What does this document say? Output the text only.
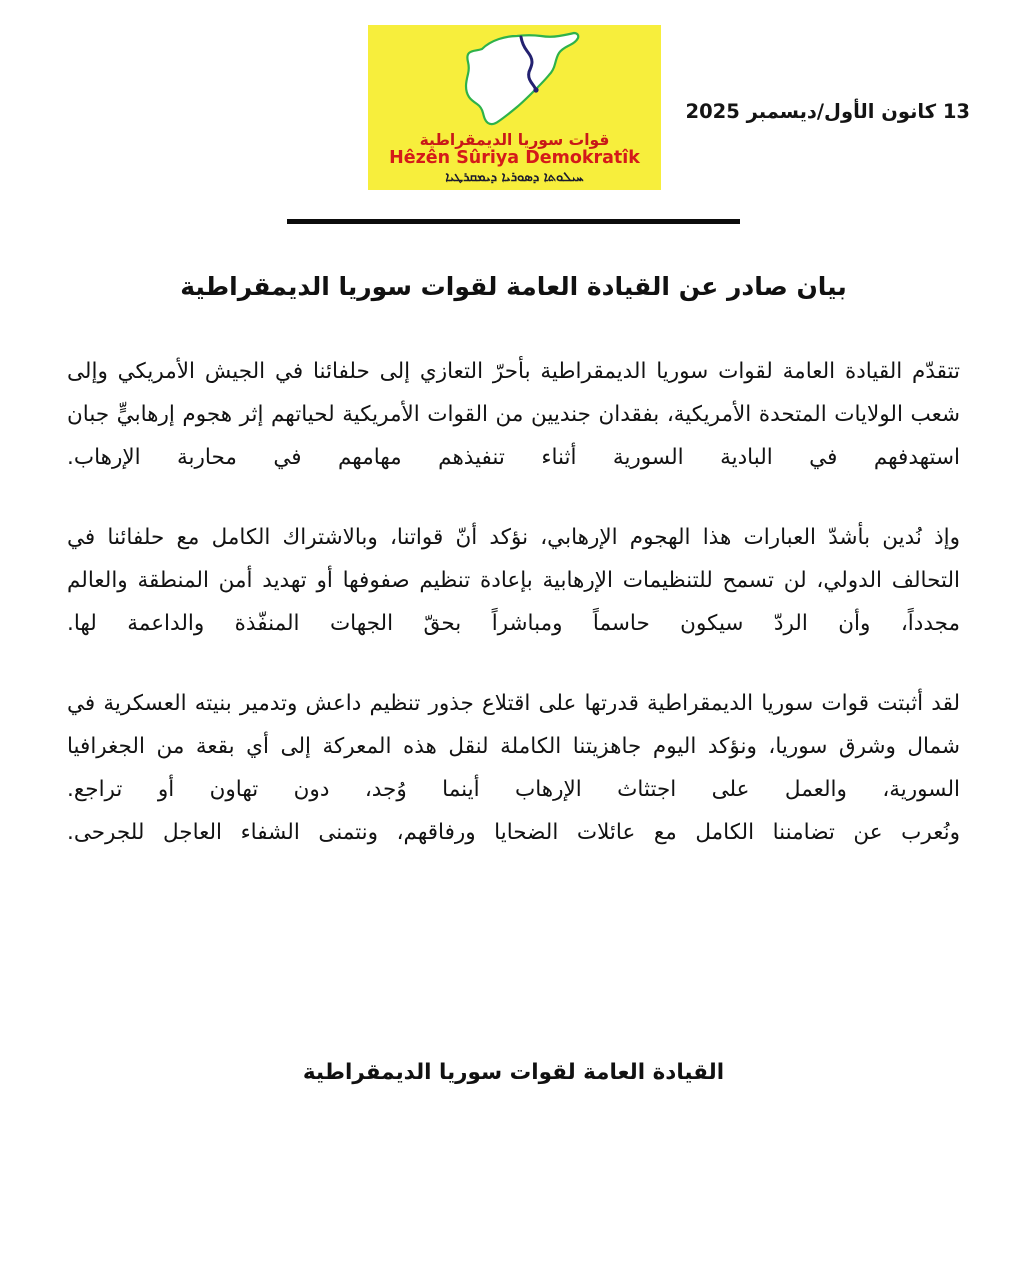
قوات سوريا الديمقراطية
Hêzên Sûriya Demokratîk
ܚܝܠܘܬܐ ܕܣܘܪܝܐ ܕܝܡܩܪܛܝܐ
13 كانون الأول/ديسمبر 2025
بيان صادر عن القيادة العامة لقوات سوريا الديمقراطية

تتقدّم القيادة العامة لقوات سوريا الديمقراطية بأحرّ التعازي إلى حلفائنا في الجيش الأمريكي وإلى شعب الولايات المتحدة الأمريكية، بفقدان جنديين من القوات الأمريكية لحياتهم إثر هجوم إرهابيٍّ جبان استهدفهم في البادية السورية أثناء تنفيذهم مهامهم في محاربة الإرهاب.

وإذ نُدين بأشدّ العبارات هذا الهجوم الإرهابي، نؤكد أنّ قواتنا، وبالاشتراك الكامل مع حلفائنا في التحالف الدولي، لن تسمح للتنظيمات الإرهابية بإعادة تنظيم صفوفها أو تهديد أمن المنطقة والعالم مجدداً، وأن الردّ سيكون حاسماً ومباشراً بحقّ الجهات المنفّذة والداعمة لها.

لقد أثبتت قوات سوريا الديمقراطية قدرتها على اقتلاع جذور تنظيم داعش وتدمير بنيته العسكرية في شمال وشرق سوريا، ونؤكد اليوم جاهزيتنا الكاملة لنقل هذه المعركة إلى أي بقعة من الجغرافيا السورية، والعمل على اجتثاث الإرهاب أينما وُجد، دون تهاون أو تراجع.

ونُعرب عن تضامننا الكامل مع عائلات الضحايا ورفاقهم، ونتمنى الشفاء العاجل للجرحى.

القيادة العامة لقوات سوريا الديمقراطية
